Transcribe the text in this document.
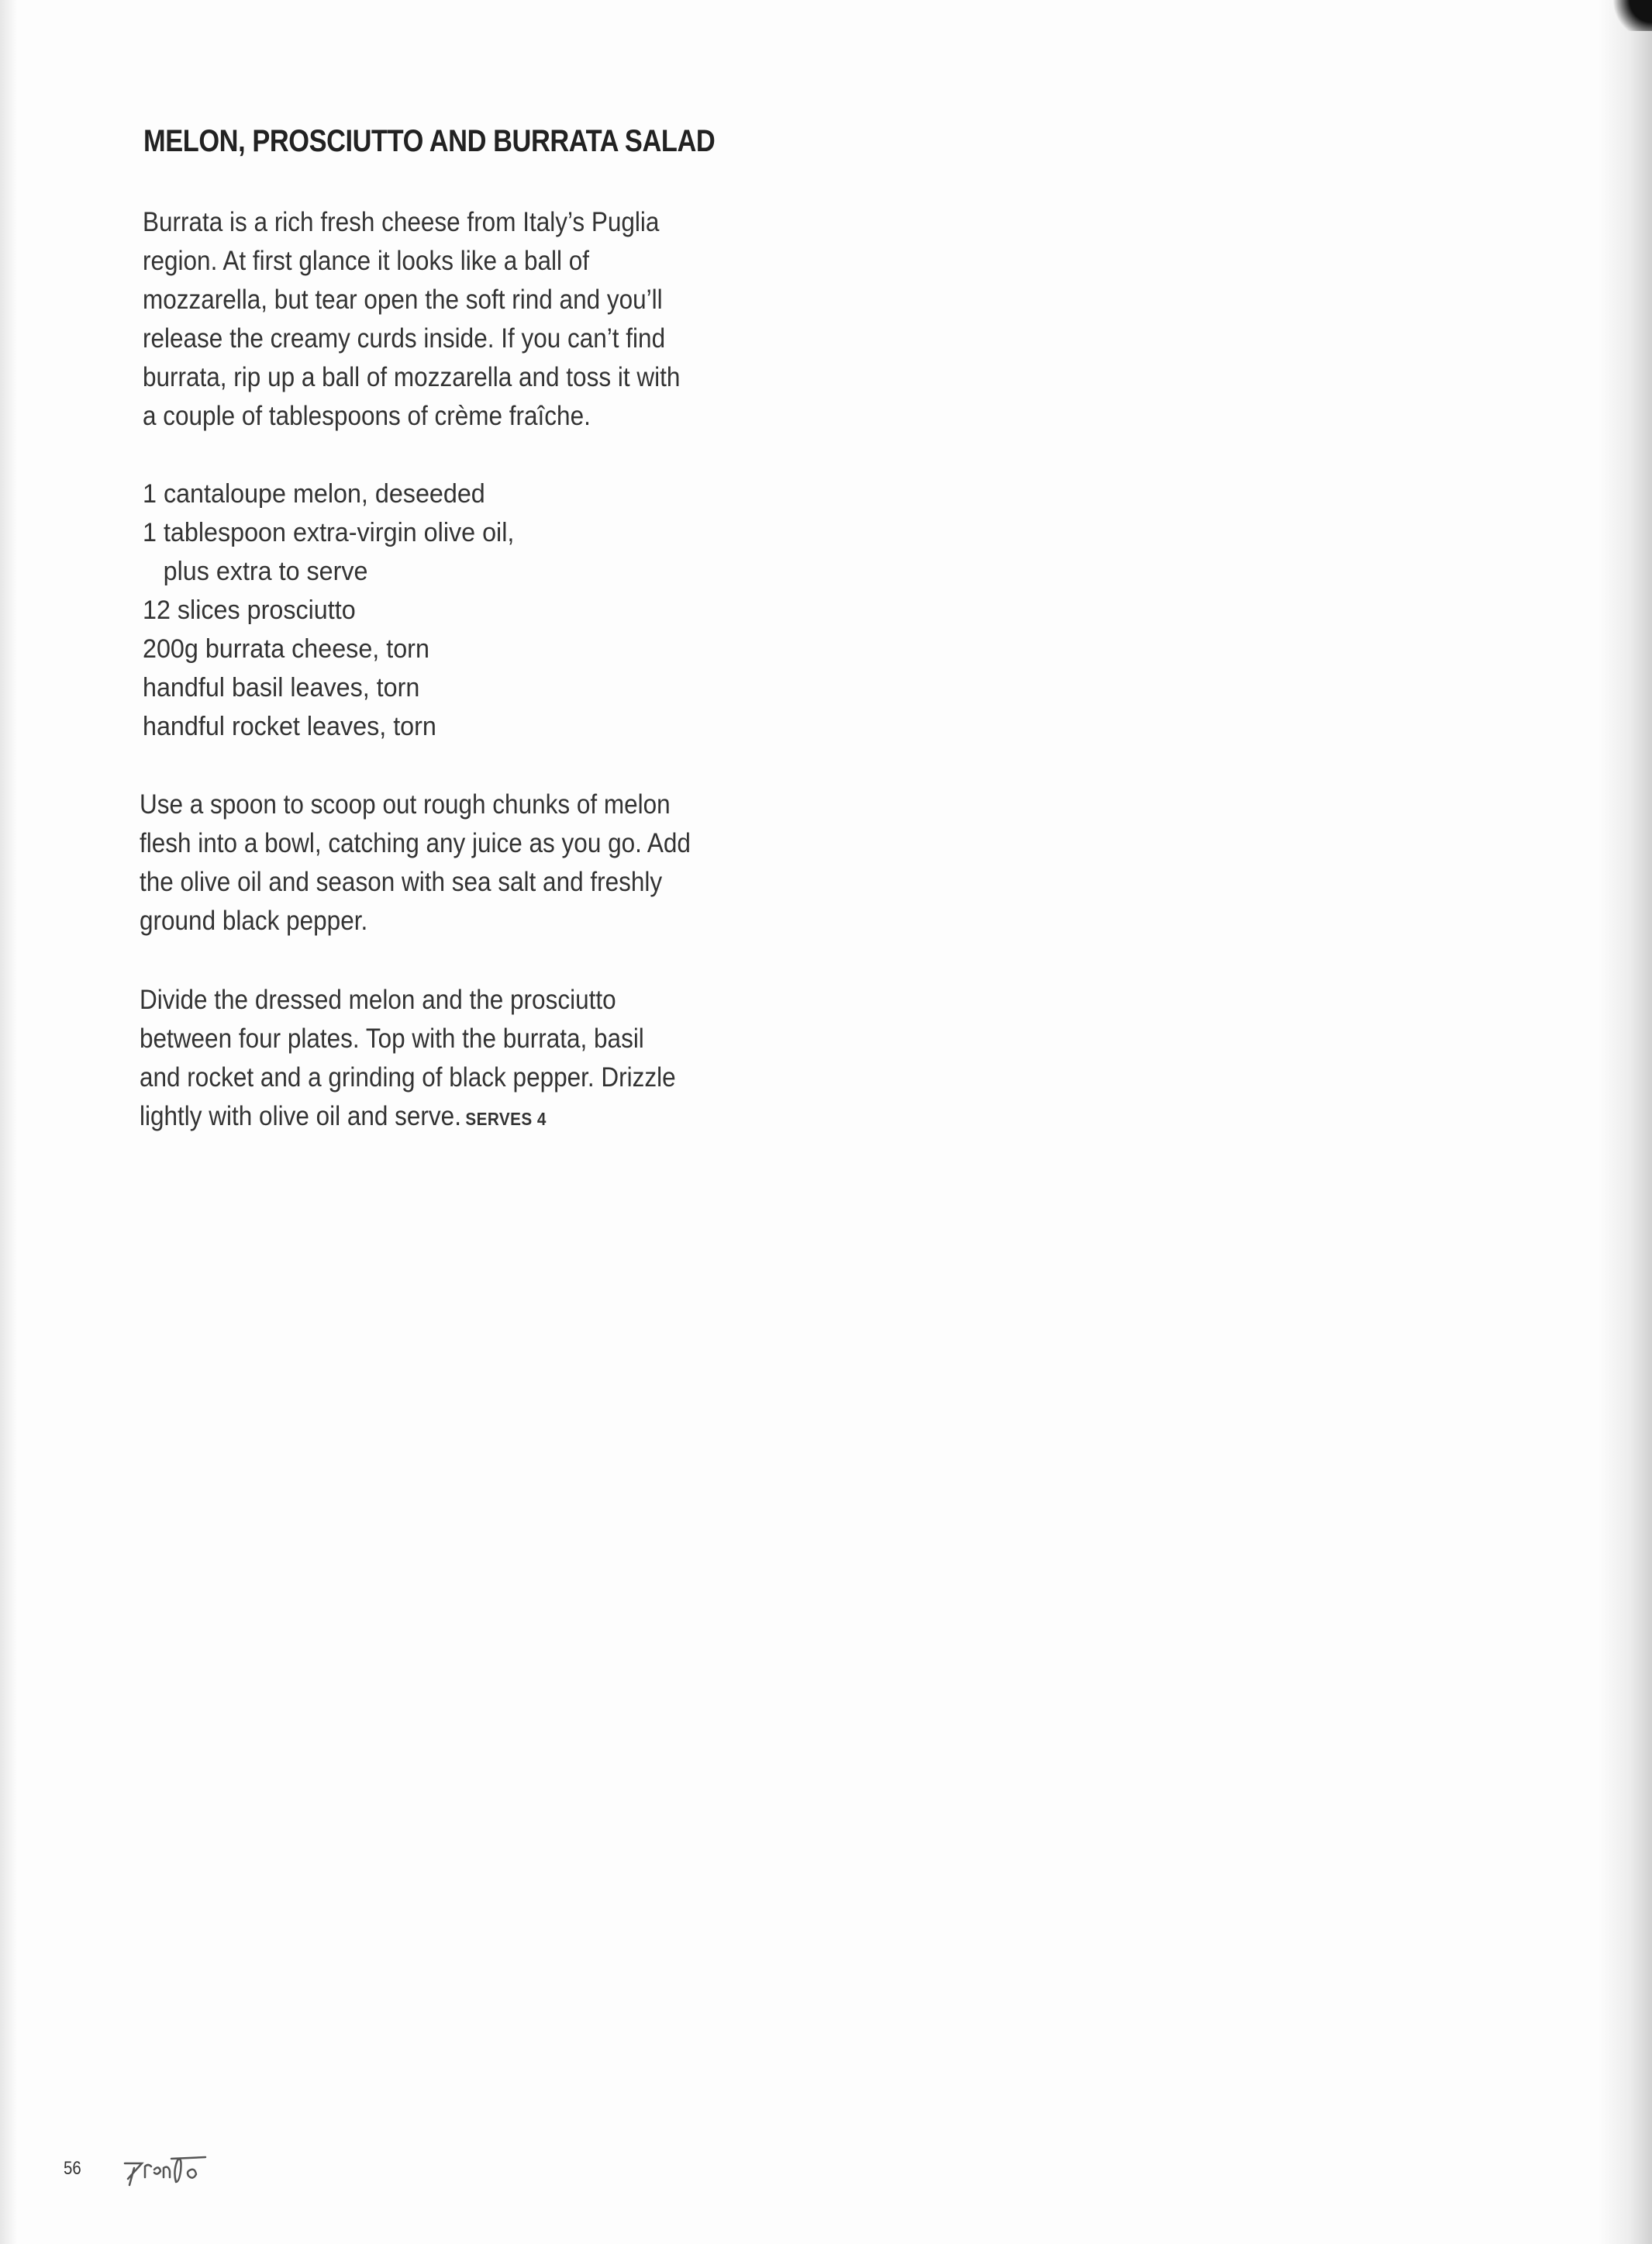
MELON, PROSCIUTTO AND BURRATA SALAD
Burrata is a rich fresh cheese from Italy’s Puglia
region. At first glance it looks like a ball of
mozzarella, but tear open the soft rind and you’ll
release the creamy curds inside. If you can’t find
burrata, rip up a ball of mozzarella and toss it with
a couple of tablespoons of crème fraîche.
1 cantaloupe melon, deseeded
1 tablespoon extra-virgin olive oil,
plus extra to serve
12 slices prosciutto
200g burrata cheese, torn
handful basil leaves, torn
handful rocket leaves, torn
Use a spoon to scoop out rough chunks of melon
flesh into a bowl, catching any juice as you go. Add
the olive oil and season with sea salt and freshly
ground black pepper.
Divide the dressed melon and the prosciutto
between four plates. Top with the burrata, basil
and rocket and a grinding of black pepper. Drizzle
lightly with olive oil and serve. SERVES 4
56
